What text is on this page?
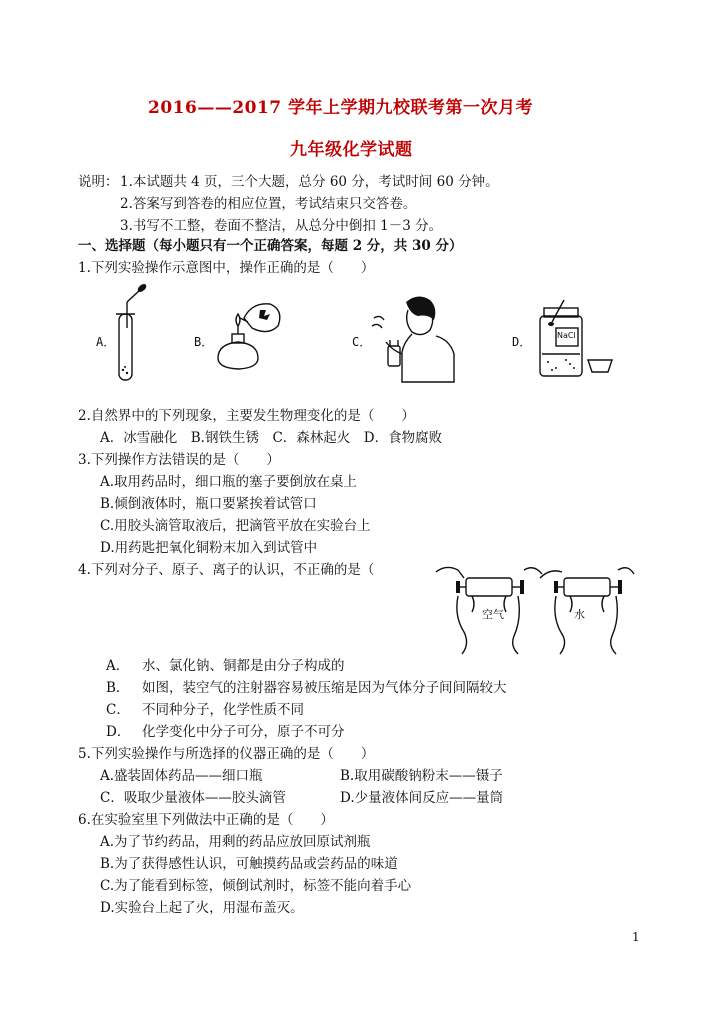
2016——2017 学年上学期九校联考第一次月考
九年级化学试题
说明： 1.本试题共 4 页，三个大题，总分 60 分，考试时间 60 分钟。
2.答案写到答卷的相应位置，考试结束只交答卷。
3.书写不工整，卷面不整洁，从总分中倒扣 1－3 分。
一、选择题（每小题只有一个正确答案，每题 2 分，共 30 分）
1.下列实验操作示意图中，操作正确的是（　　）
A．	B．	C．	D．	NaCl
2.自然界中的下列现象，主要发生物理变化的是（　　）
A．冰雪融化　B.钢铁生锈　C．森林起火　D．食物腐败
3.下列操作方法错误的是（　　）
A.取用药品时，细口瓶的塞子要倒放在桌上
B.倾倒液体时，瓶口要紧挨着试管口
C.用胶头滴管取液后，把滴管平放在实验台上
D.用药匙把氧化铜粉末加入到试管中
4.下列对分子、原子、离子的认识，不正确的是（
空气	水
A． 水、氯化钠、铜都是由分子构成的
B． 如图，装空气的注射器容易被压缩是因为气体分子间间隔较大
C． 不同种分子，化学性质不同
D． 化学变化中分子可分，原子不可分
5.下列实验操作与所选择的仪器正确的是（　　）
A.盛装固体药品——细口瓶	B.取用碳酸钠粉末——镊子
C．吸取少量液体——胶头滴管	D.少量液体间反应——量筒
6.在实验室里下列做法中正确的是（　　）
A.为了节约药品，用剩的药品应放回原试剂瓶
B.为了获得感性认识，可触摸药品或尝药品的味道
C.为了能看到标签，倾倒试剂时，标签不能向着手心
D.实验台上起了火，用湿布盖灭。
1
